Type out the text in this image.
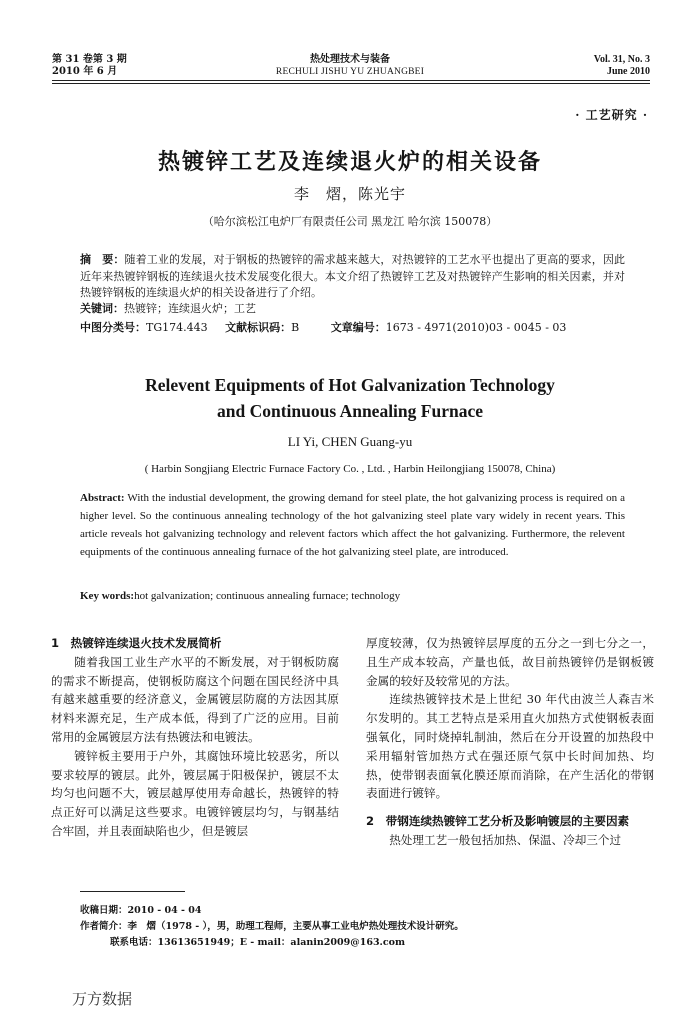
第 31 卷第 3 期
2010 年 6 月
热处理技术与装备
RECHULI JISHU YU ZHUANGBEI
Vol. 31, No. 3
June 2010
· 工艺研究 ·
热镀锌工艺及连续退火炉的相关设备
李　熠，陈光宇
（哈尔滨松江电炉厂有限责任公司 黑龙江 哈尔滨 150078）
摘　要：随着工业的发展，对于钢板的热镀锌的需求越来越大，对热镀锌的工艺水平也提出了更高的要求，因此近年来热镀锌钢板的连续退火技术发展变化很大。本文介绍了热镀锌工艺及对热镀锌产生影响的相关因素，并对热镀锌钢板的连续退火炉的相关设备进行了介绍。
关键词：热镀锌；连续退火炉；工艺
中图分类号：TG174.443 文献标识码：B	文章编号：1673 - 4971(2010)03 - 0045 - 03
Relevent Equipments of Hot Galvanization Technology
and Continuous Annealing Furnace
LI Yi, CHEN Guang-yu
( Harbin Songjiang Electric Furnace Factory Co. , Ltd. , Harbin Heilongjiang 150078, China)
Abstract: With the industial development, the growing demand for steel plate, the hot galvanizing process is required on a higher level. So the continuous annealing technology of the hot galvanizing steel plate vary widely in recent years. This article reveals hot galvanizing technology and relevent factors which affect the hot galvanizing. Furthermore, the relevent equipments of the continuous annealing furnace of the hot galvanizing steel plate, are introduced.
Key words:hot galvanization; continuous annealing furnace; technology
1　热镀锌连续退火技术发展简析

随着我国工业生产水平的不断发展，对于钢板防腐的需求不断提高，使钢板防腐这个问题在国民经济中具有越来越重要的经济意义，金属镀层防腐的方法因其原材料来源充足，生产成本低，得到了广泛的应用。目前常用的金属镀层方法有热镀法和电镀法。

镀锌板主要用于户外，其腐蚀环境比较恶劣，所以要求较厚的镀层。此外，镀层属于阳极保护，镀层不太均匀也问题不大，镀层越厚使用寿命越长，热镀锌的特点正好可以满足这些要求。电镀锌镀层均匀，与钢基结合牢固，并且表面缺陷也少，但是镀层

厚度较薄，仅为热镀锌层厚度的五分之一到七分之一，且生产成本较高，产量也低，故目前热镀锌仍是钢板镀金属的较好及较常见的方法。

连续热镀锌技术是上世纪 30 年代由波兰人森吉米尔发明的。其工艺特点是采用直火加热方式使钢板表面强氧化，同时烧掉轧制油，然后在分开设置的加热段中采用辐射管加热方式在强还原气氛中长时间加热、均热，使带钢表面氧化膜还原而消除，在产生活化的带钢表面进行镀锌。

2　带钢连续热镀锌工艺分析及影响镀层的主要因素

热处理工艺一般包括加热、保温、冷却三个过

收稿日期：2010 - 04 - 04
作者简介：李　熠（1978 - ），男，助理工程师，主要从事工业电炉热处理技术设计研究。
联系电话：13613651949；E - mail：alanin2009@163.com
万方数据
